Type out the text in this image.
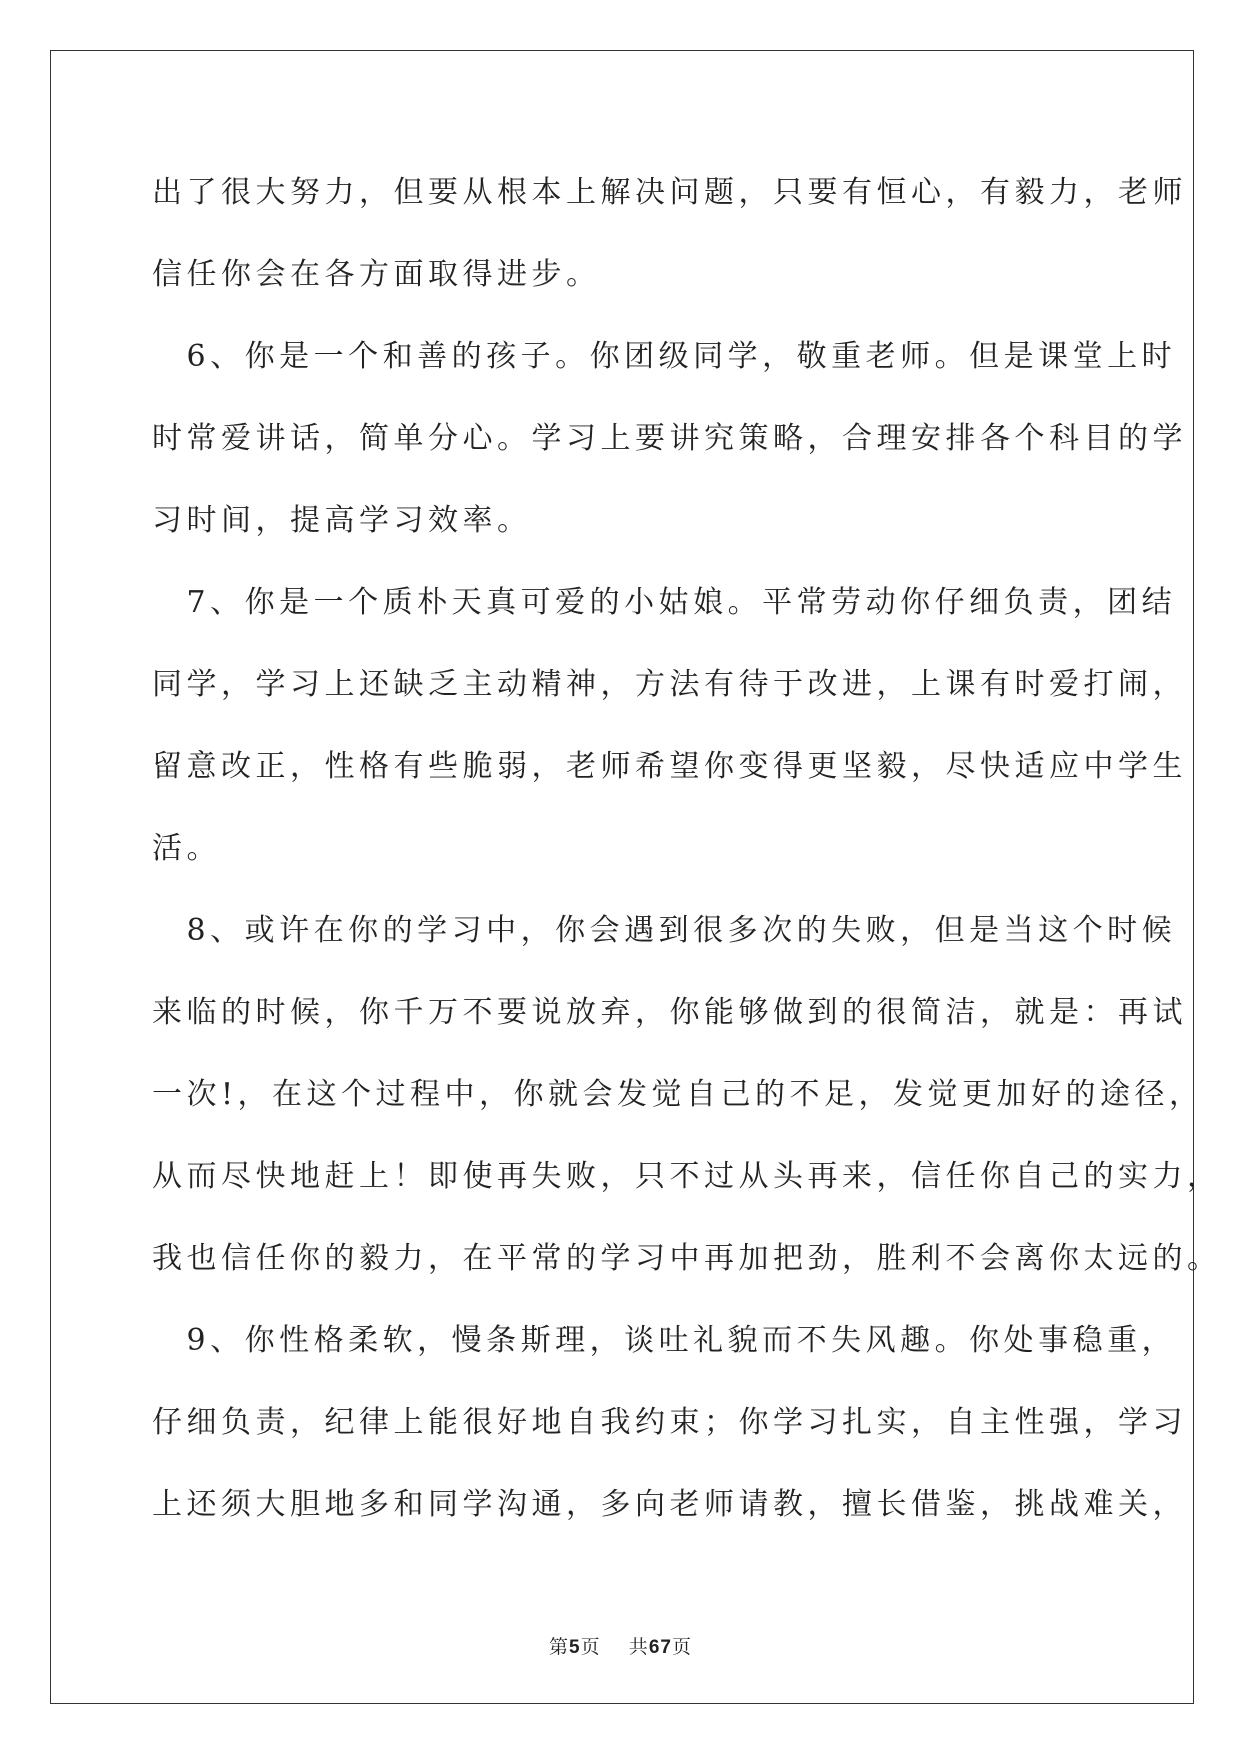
出了很大努力，但要从根本上解决问题，只要有恒心，有毅力，老师
信任你会在各方面取得进步。
　6、你是一个和善的孩子。你团级同学，敬重老师。但是课堂上时
时常爱讲话，简单分心。学习上要讲究策略，合理安排各个科目的学
习时间，提高学习效率。
　7、你是一个质朴天真可爱的小姑娘。平常劳动你仔细负责，团结
同学，学习上还缺乏主动精神，方法有待于改进，上课有时爱打闹，
留意改正，性格有些脆弱，老师希望你变得更坚毅，尽快适应中学生
活。
　8、或许在你的学习中，你会遇到很多次的失败，但是当这个时候
来临的时候，你千万不要说放弃，你能够做到的很简洁，就是：再试
一次!，在这个过程中，你就会发觉自己的不足，发觉更加好的途径，
从而尽快地赶上！即使再失败，只不过从头再来，信任你自己的实力，
我也信任你的毅力，在平常的学习中再加把劲，胜利不会离你太远的。
　9、你性格柔软，慢条斯理，谈吐礼貌而不失风趣。你处事稳重，
仔细负责，纪律上能很好地自我约束；你学习扎实，自主性强，学习
上还须大胆地多和同学沟通，多向老师请教，擅长借鉴，挑战难关，
第5页 共67页
